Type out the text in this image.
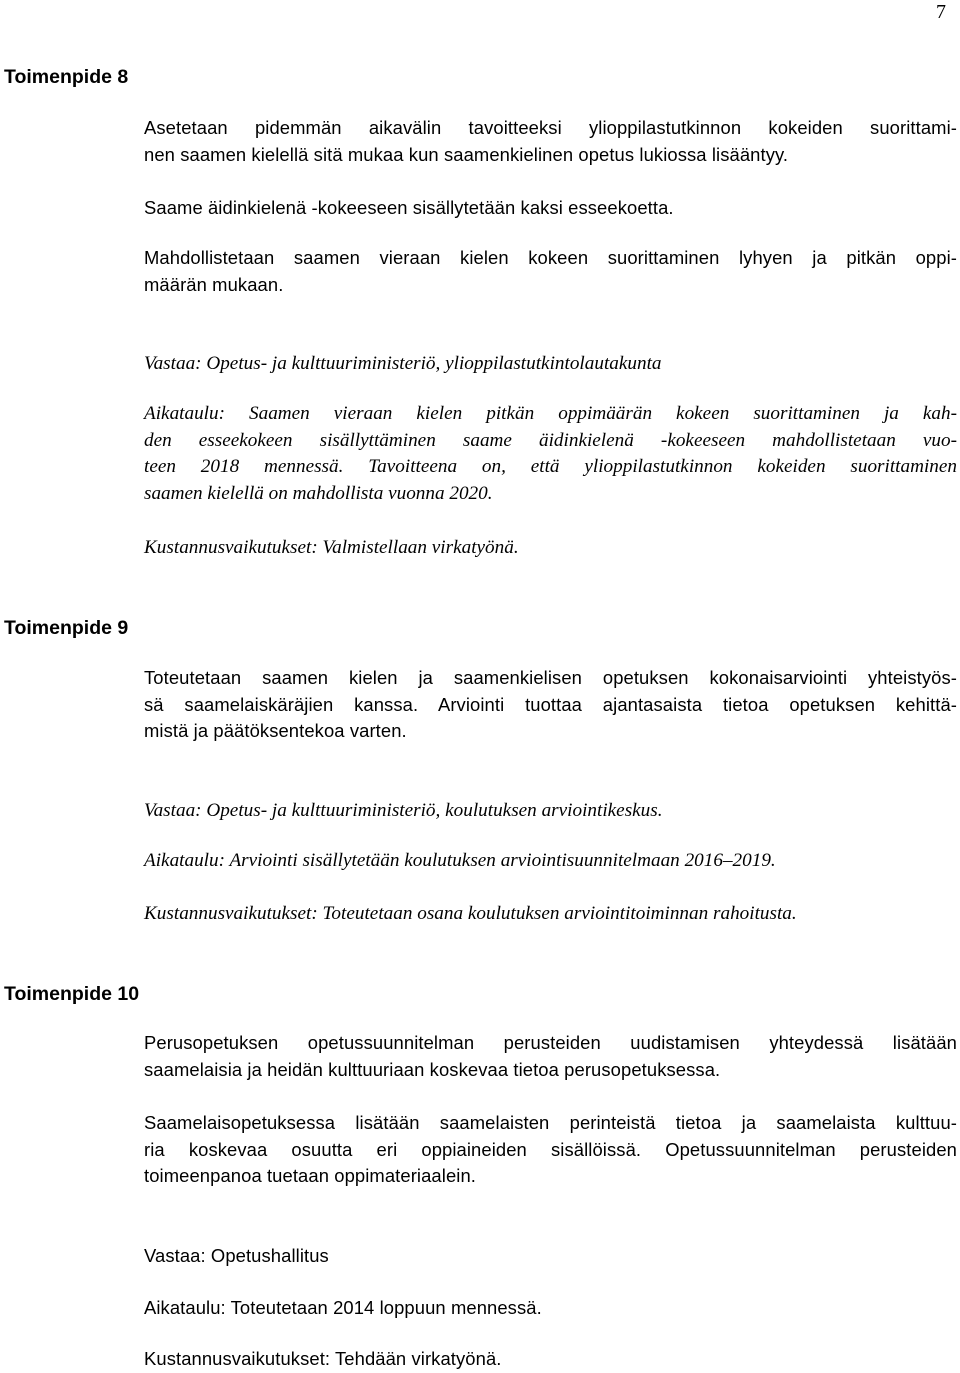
7
Toimenpide 8

Asetetaan pidemmän aikavälin tavoitteeksi ylioppilastutkinnon kokeiden suorittami-
nen saamen kielellä sitä mukaa kun saamenkielinen opetus lukiossa lisääntyy.

Saame äidinkielenä -kokeeseen sisällytetään kaksi esseekoetta.

Mahdollistetaan saamen vieraan kielen kokeen suorittaminen lyhyen ja pitkän oppi-
määrän mukaan.

Vastaa: Opetus- ja kulttuuriministeriö, ylioppilastutkintolautakunta

Aikataulu: Saamen vieraan kielen pitkän oppimäärän kokeen suorittaminen ja kah-
den esseekokeen sisällyttäminen saame äidinkielenä -kokeeseen mahdollistetaan vuo-
teen 2018 mennessä. Tavoitteena on, että ylioppilastutkinnon kokeiden suorittaminen
saamen kielellä on mahdollista vuonna 2020.

Kustannusvaikutukset: Valmistellaan virkatyönä.

Toimenpide 9

Toteutetaan saamen kielen ja saamenkielisen opetuksen kokonaisarviointi yhteistyös-
sä saamelaiskäräjien kanssa. Arviointi tuottaa ajantasaista tietoa opetuksen kehittä-
mistä ja päätöksentekoa varten.

Vastaa: Opetus- ja kulttuuriministeriö, koulutuksen arviointikeskus.

Aikataulu: Arviointi sisällytetään koulutuksen arviointisuunnitelmaan 2016–2019.

Kustannusvaikutukset: Toteutetaan osana koulutuksen arviointitoiminnan rahoitusta.

Toimenpide 10

Perusopetuksen opetussuunnitelman perusteiden uudistamisen yhteydessä lisätään
saamelaisia ja heidän kulttuuriaan koskevaa tietoa perusopetuksessa.

Saamelaisopetuksessa lisätään saamelaisten perinteistä tietoa ja saamelaista kulttuu-
ria koskevaa osuutta eri oppiaineiden sisällöissä. Opetussuunnitelman perusteiden
toimeenpanoa tuetaan oppimateriaalein.

Vastaa: Opetushallitus

Aikataulu: Toteutetaan 2014 loppuun mennessä.

Kustannusvaikutukset: Tehdään virkatyönä.
